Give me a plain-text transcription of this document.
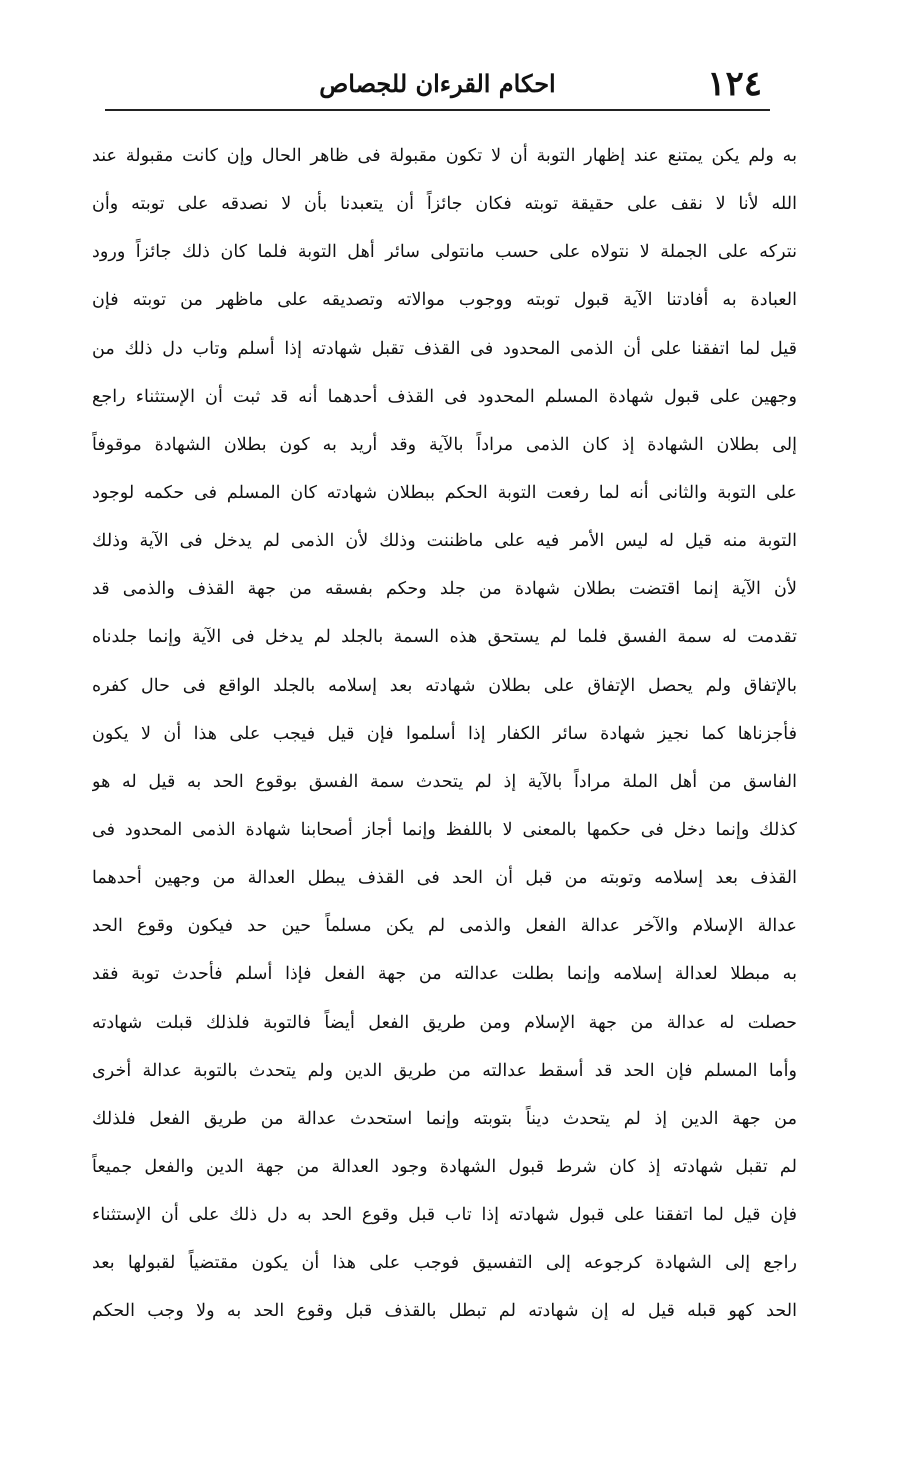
١٢٤
احكام القرءان للجصاص
به ولم يكن يمتنع عند إظهار التوبة أن لا تكون مقبولة فى ظاهر الحال وإن كانت مقبولة عند
الله لأنا لا نقف على حقيقة توبته فكان جائزاً أن يتعبدنا بأن لا نصدقه على توبته وأن
نتركه على الجملة لا نتولاه على حسب مانتولى سائر أهل التوبة فلما كان ذلك جائزاً ورود
العبادة به أفادتنا الآية قبول توبته ووجوب موالاته وتصديقه على ماظهر من توبته فإن
قيل لما اتفقنا على أن الذمى المحدود فى القذف تقبل شهادته إذا أسلم وتاب دل ذلك من
وجهين على قبول شهادة المسلم المحدود فى القذف أحدهما أنه قد ثبت أن الإستثناء راجع
إلى بطلان الشهادة إذ كان الذمى مراداً بالآية وقد أريد به كون بطلان الشهادة موقوفاً
على التوبة والثانى أنه لما رفعت التوبة الحكم ببطلان شهادته كان المسلم فى حكمه لوجود
التوبة منه قيل له ليس الأمر فيه على ماظننت وذلك لأن الذمى لم يدخل فى الآية وذلك
لأن الآية إنما اقتضت بطلان شهادة من جلد وحكم بفسقه من جهة القذف والذمى قد
تقدمت له سمة الفسق فلما لم يستحق هذه السمة بالجلد لم يدخل فى الآية وإنما جلدناه
بالإتفاق ولم يحصل الإتفاق على بطلان شهادته بعد إسلامه بالجلد الواقع فى حال كفره
فأجزناها كما نجيز شهادة سائر الكفار إذا أسلموا فإن قيل فيجب على هذا أن لا يكون
الفاسق من أهل الملة مراداً بالآية إذ لم يتحدث سمة الفسق بوقوع الحد به قيل له هو
كذلك وإنما دخل فى حكمها بالمعنى لا باللفظ وإنما أجاز أصحابنا شهادة الذمى المحدود فى
القذف بعد إسلامه وتوبته من قبل أن الحد فى القذف يبطل العدالة من وجهين أحدهما
عدالة الإسلام والآخر عدالة الفعل والذمى لم يكن مسلماً حين حد فيكون وقوع الحد
به مبطلا لعدالة إسلامه وإنما بطلت عدالته من جهة الفعل فإذا أسلم فأحدث توبة فقد
حصلت له عدالة من جهة الإسلام ومن طريق الفعل أيضاً فالتوبة فلذلك قبلت شهادته
وأما المسلم فإن الحد قد أسقط عدالته من طريق الدين ولم يتحدث بالتوبة عدالة أخرى
من جهة الدين إذ لم يتحدث ديناً بتوبته وإنما استحدث عدالة من طريق الفعل فلذلك
لم تقبل شهادته إذ كان شرط قبول الشهادة وجود العدالة من جهة الدين والفعل جميعاً
فإن قيل لما اتفقنا على قبول شهادته إذا تاب قبل وقوع الحد به دل ذلك على أن الإستثناء
راجع إلى الشهادة كرجوعه إلى التفسيق فوجب على هذا أن يكون مقتضياً لقبولها بعد
الحد كهو قبله قيل له إن شهادته لم تبطل بالقذف قبل وقوع الحد به ولا وجب الحكم
